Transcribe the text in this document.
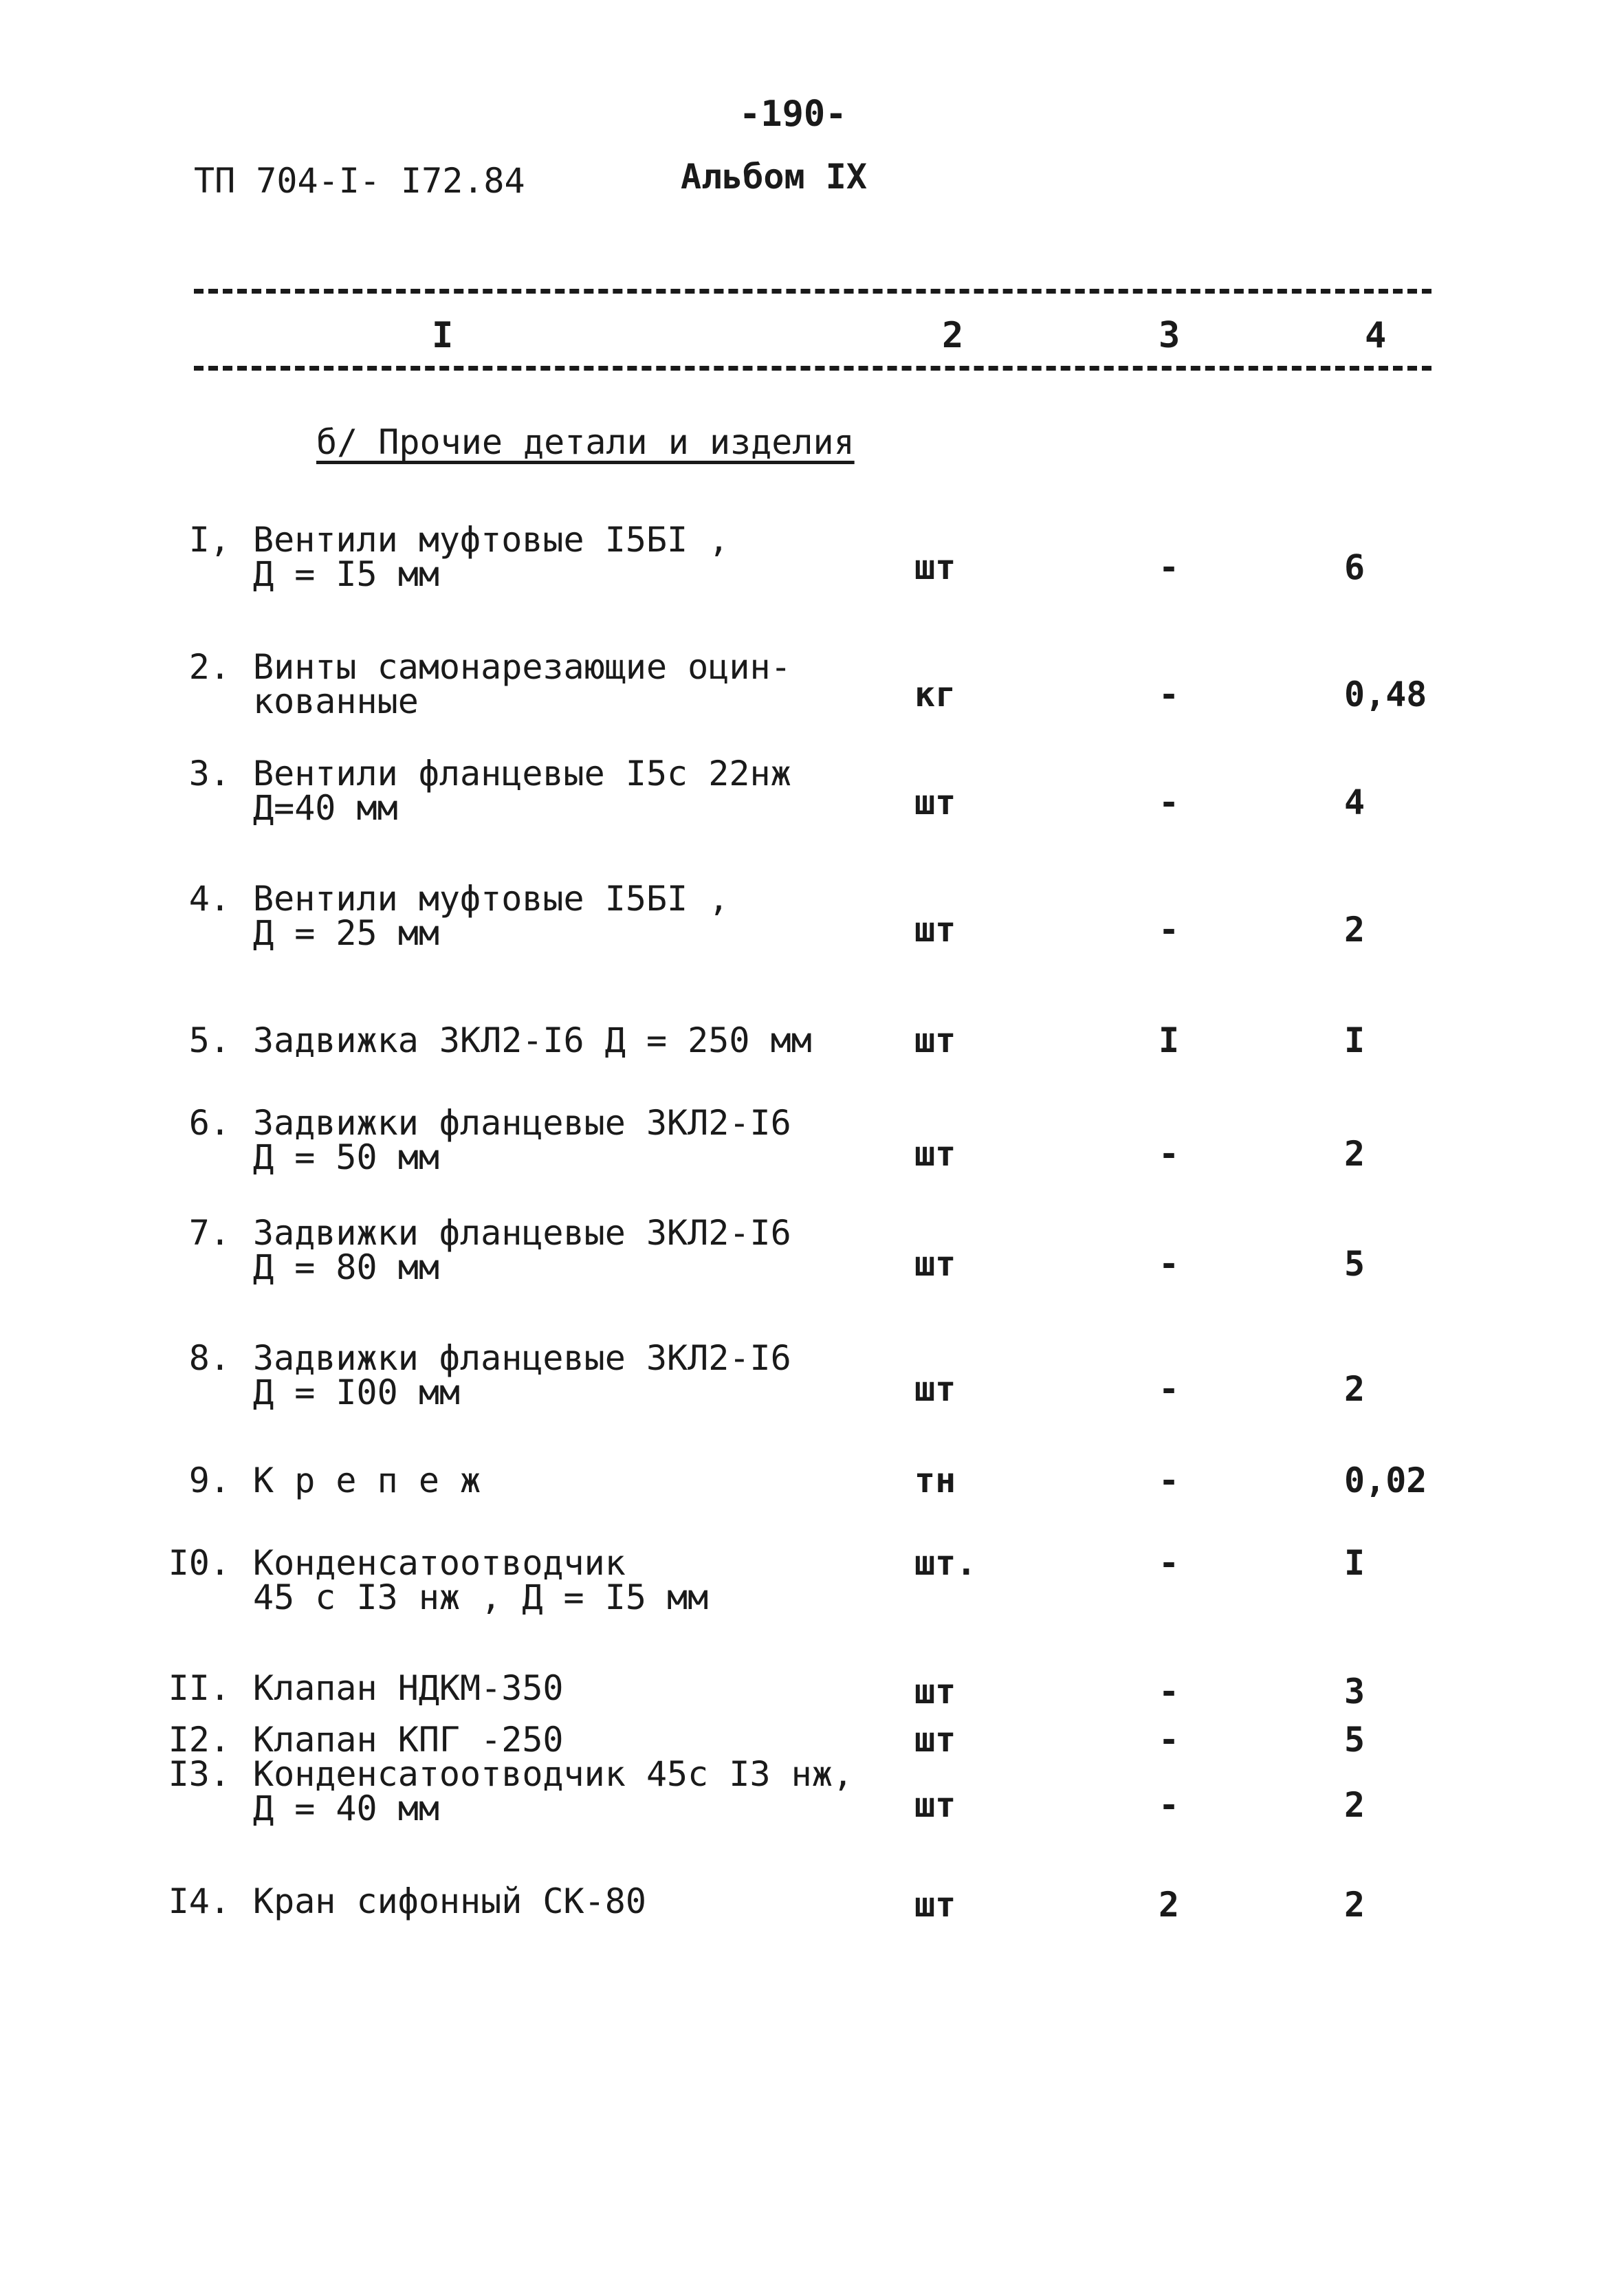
-190-
ТП 704-I- I72.84	Альбом IX
I	2	3	4
б/ Прочие детали и изделия
I, Вентили муфтовые I5БI ,
Д = I5 мм	шт	-	6
2. Винты самонарезающие оцин-
кованные	кг	-	0,48
3. Вентили фланцевые I5с 22нж
Д=40 мм	шт	-	4
4. Вентили муфтовые I5БI ,
Д = 25 мм	шт	-	2
5. Задвижка ЗКЛ2-I6 Д = 250 мм	шт	I	I
6. Задвижки фланцевые ЗКЛ2-I6
Д = 50 мм	шт	-	2
7. Задвижки фланцевые ЗКЛ2-I6
Д = 80 мм	шт	-	5
8. Задвижки фланцевые ЗКЛ2-I6
Д = I00 мм	шт	-	2
9. К р е п е ж	тн	-	0,02
I0. Конденсатоотводчик
45 с I3 нж , Д = I5 мм
шт.	-	I
II. Клапан НДКМ-350	шт	-	3
I2. Клапан КПГ -250	шт	-	5
I3. Конденсатоотводчик 45с I3 нж,
Д = 40 мм	шт	-	2
I4. Кран сифонный СК-80	шт	2	2
